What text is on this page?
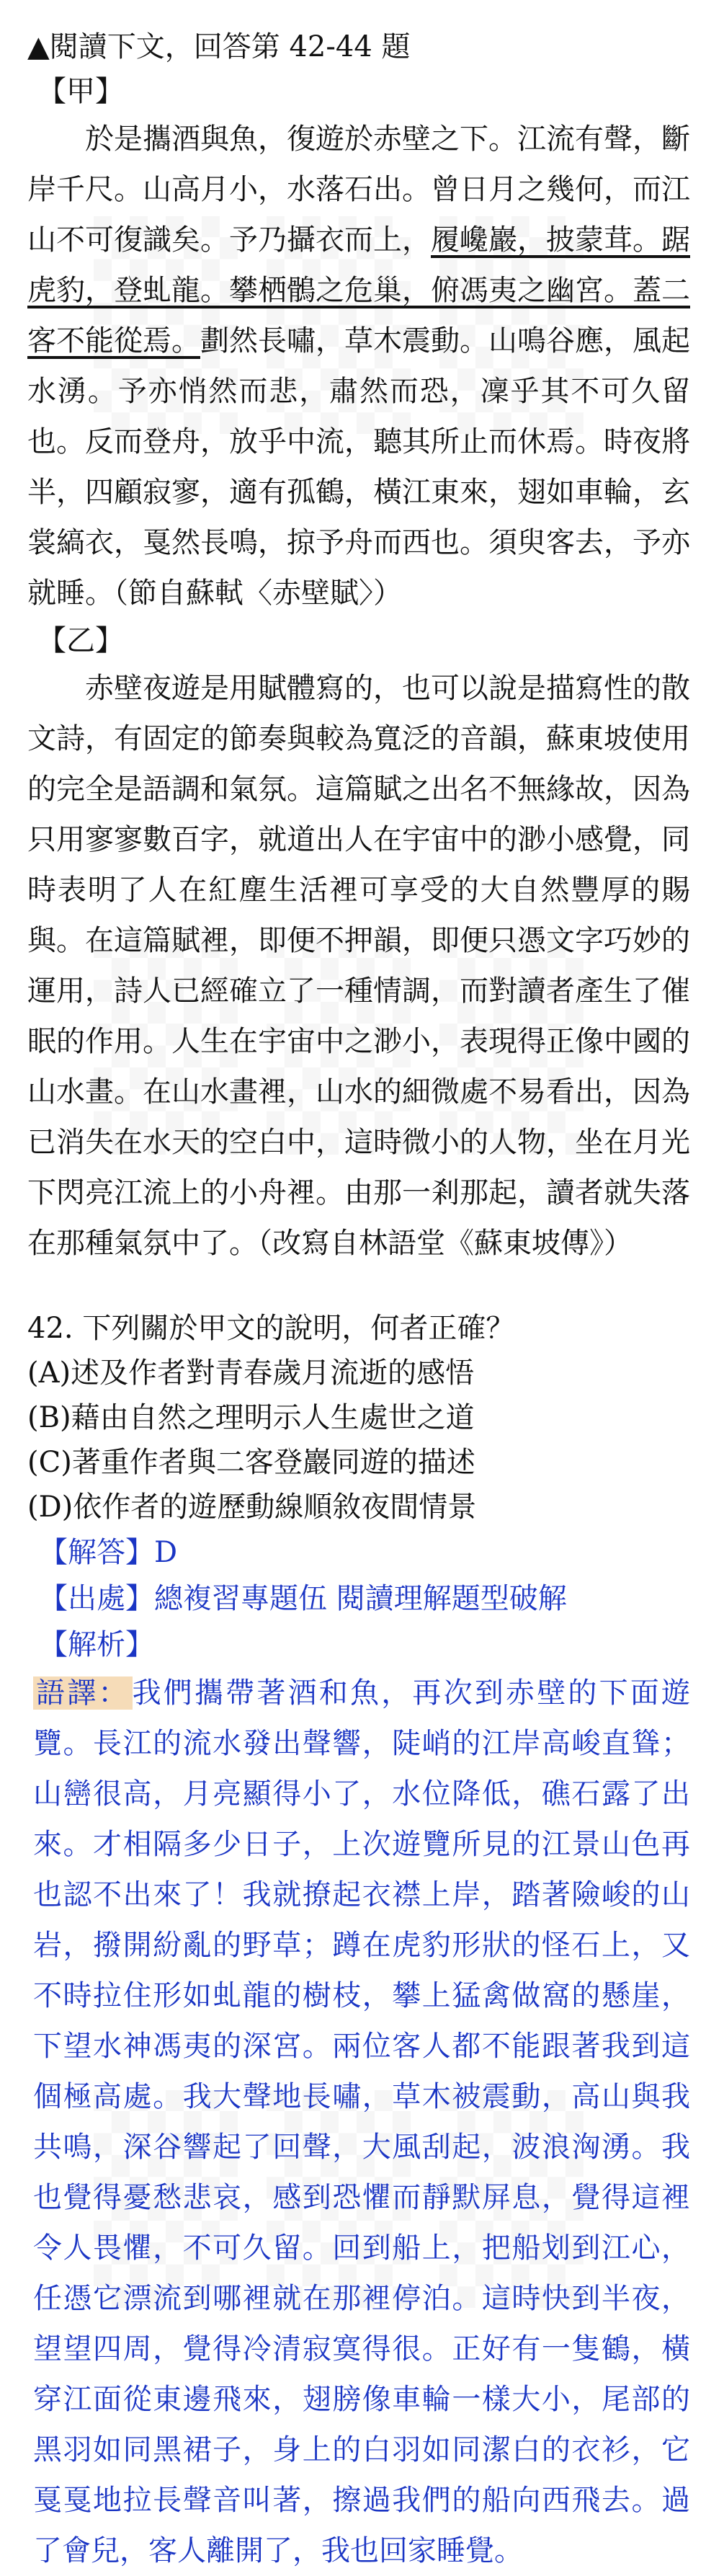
▲閱讀下文，回答第 42-44 題
【甲】

於是攜酒與魚，復遊於赤壁之下。江流有聲，斷岸千尺。山高月小，水落石出。曾日月之幾何，而江山不可復識矣。予乃攝衣而上，履巉巖，披蒙茸。踞虎豹，登虬龍。攀栖鶻之危巢，俯馮夷之幽宮。蓋二客不能從焉。劃然長嘯，草木震動。山鳴谷應，風起水湧。予亦悄然而悲，肅然而恐，凜乎其不可久留也。反而登舟，放乎中流，聽其所止而休焉。時夜將半，四顧寂寥，適有孤鶴，橫江東來，翅如車輪，玄裳縞衣，戛然長鳴，掠予舟而西也。須臾客去，予亦就睡。（節自蘇軾〈赤壁賦〉）

【乙】

赤壁夜遊是用賦體寫的，也可以說是描寫性的散文詩，有固定的節奏與較為寬泛的音韻，蘇東坡使用的完全是語調和氣氛。這篇賦之出名不無緣故，因為只用寥寥數百字，就道出人在宇宙中的渺小感覺，同時表明了人在紅塵生活裡可享受的大自然豐厚的賜與。在這篇賦裡，即便不押韻，即便只憑文字巧妙的運用，詩人已經確立了一種情調，而對讀者產生了催眠的作用。人生在宇宙中之渺小，表現得正像中國的山水畫。在山水畫裡，山水的細微處不易看出，因為已消失在水天的空白中，這時微小的人物，坐在月光下閃亮江流上的小舟裡。由那一剎那起，讀者就失落在那種氣氛中了。（改寫自林語堂《蘇東坡傳》）

42. 下列關於甲文的說明，何者正確？
(A)述及作者對青春歲月流逝的感悟
(B)藉由自然之理明示人生處世之道
(C)著重作者與二客登巖同遊的描述
(D)依作者的遊歷動線順敘夜間情景
【解答】D
【出處】總複習專題伍 閱讀理解題型破解
【解析】

語譯： 我們攜帶著酒和魚，再次到赤壁的下面遊覽。長江的流水發出聲響，陡峭的江岸高峻直聳；山巒很高，月亮顯得小了，水位降低，礁石露了出來。才相隔多少日子，上次遊覽所見的江景山色再也認不出來了！我就撩起衣襟上岸，踏著險峻的山岩，撥開紛亂的野草；蹲在虎豹形狀的怪石上，又不時拉住形如虬龍的樹枝，攀上猛禽做窩的懸崖，下望水神馮夷的深宮。兩位客人都不能跟著我到這個極高處。我大聲地長嘯，草木被震動，高山與我共鳴，深谷響起了回聲，大風刮起，波浪洶湧。我也覺得憂愁悲哀，感到恐懼而靜默屏息，覺得這裡令人畏懼，不可久留。回到船上，把船划到江心，任憑它漂流到哪裡就在那裡停泊。這時快到半夜，望望四周，覺得冷清寂寞得很。正好有一隻鶴，橫穿江面從東邊飛來，翅膀像車輪一樣大小，尾部的黑羽如同黑裙子，身上的白羽如同潔白的衣衫，它戛戛地拉長聲音叫著，擦過我們的船向西飛去。過了會兒，客人離開了，我也回家睡覺。
